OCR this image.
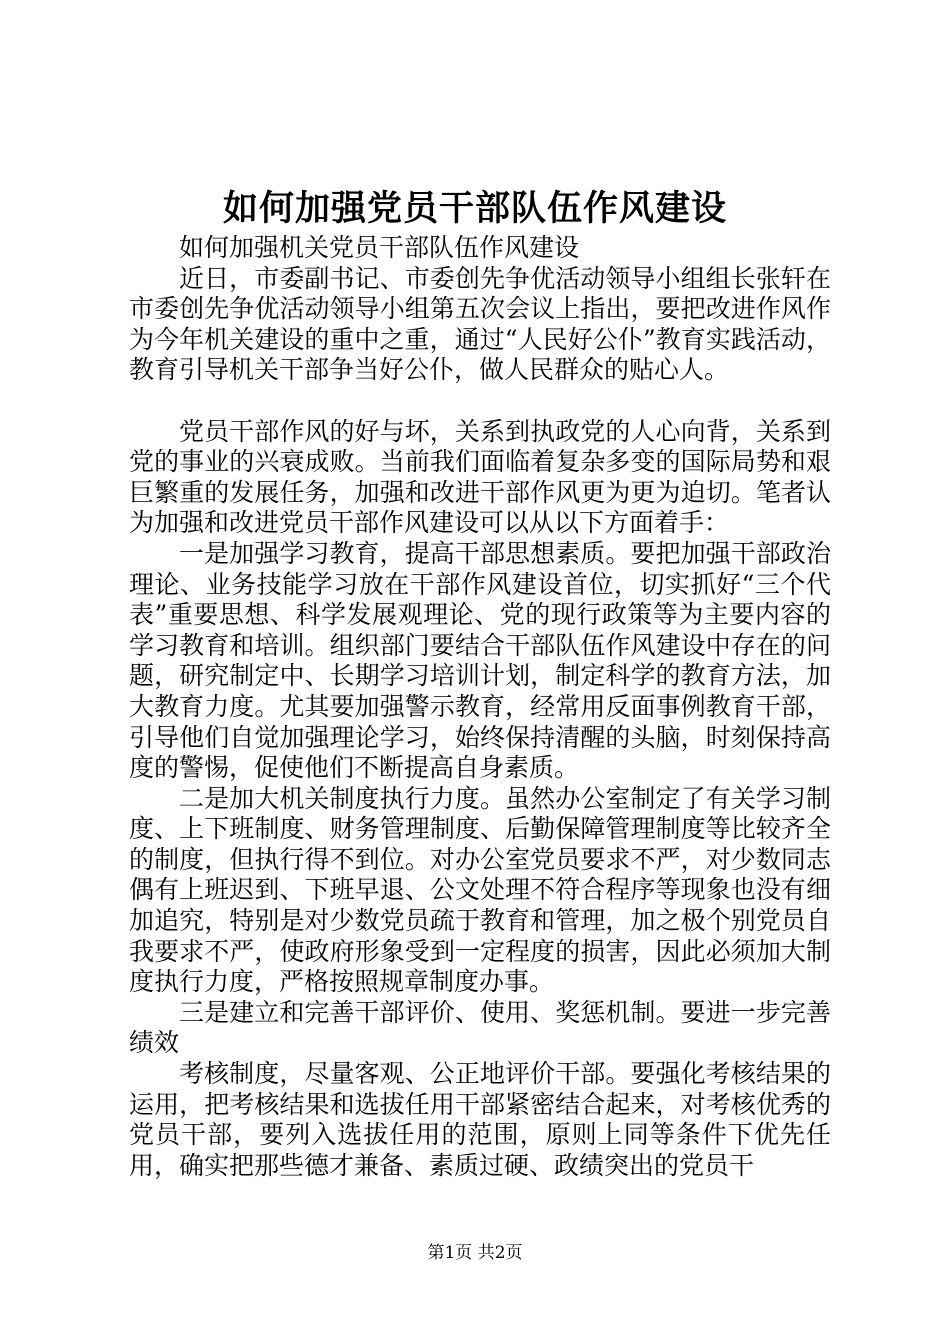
如何加强党员干部队伍作风建设

如何加强机关党员干部队伍作风建设

近日，市委副书记、市委创先争优活动领导小组组长张轩在市委创先争优活动领导小组第五次会议上指出，要把改进作风作为今年机关建设的重中之重，通过“人民好公仆”教育实践活动，教育引导机关干部争当好公仆，做人民群众的贴心人。

党员干部作风的好与坏，关系到执政党的人心向背，关系到党的事业的兴衰成败。当前我们面临着复杂多变的国际局势和艰巨繁重的发展任务，加强和改进干部作风更为更为迫切。笔者认为加强和改进党员干部作风建设可以从以下方面着手：

一是加强学习教育，提高干部思想素质。要把加强干部政治理论、业务技能学习放在干部作风建设首位，切实抓好“三个代表”重要思想、科学发展观理论、党的现行政策等为主要内容的学习教育和培训。组织部门要结合干部队伍作风建设中存在的问题，研究制定中、长期学习培训计划，制定科学的教育方法，加大教育力度。尤其要加强警示教育，经常用反面事例教育干部，引导他们自觉加强理论学习，始终保持清醒的头脑，时刻保持高度的警惕，促使他们不断提高自身素质。

二是加大机关制度执行力度。虽然办公室制定了有关学习制度、上下班制度、财务管理制度、后勤保障管理制度等比较齐全的制度，但执行得不到位。对办公室党员要求不严，对少数同志偶有上班迟到、下班早退、公文处理不符合程序等现象也没有细加追究，特别是对少数党员疏于教育和管理，加之极个别党员自我要求不严，使政府形象受到一定程度的损害，因此必须加大制度执行力度，严格按照规章制度办事。

三是建立和完善干部评价、使用、奖惩机制。要进一步完善绩效

考核制度，尽量客观、公正地评价干部。要强化考核结果的运用，把考核结果和选拔任用干部紧密结合起来，对考核优秀的党员干部，要列入选拔任用的范围，原则上同等条件下优先任用，确实把那些德才兼备、素质过硬、政绩突出的党员干

第1页 共2页
